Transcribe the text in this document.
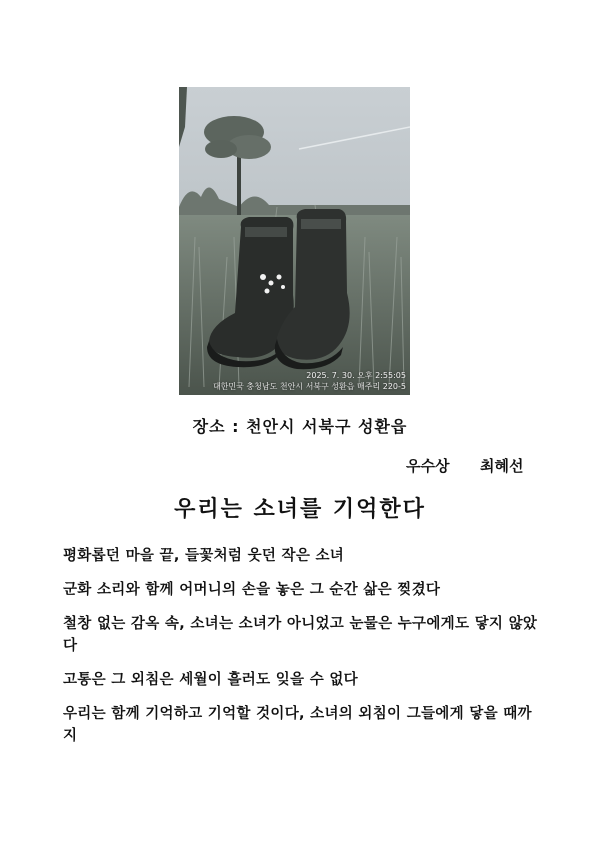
2025. 7. 30. 오후 2:55:05
대한민국 충청남도 천안시 서북구 성환읍 매주리 220-5
장소 : 천안시 서북구 성환읍
우수상 최혜선
우리는 소녀를 기억한다

평화롭던 마을 끝, 들꽃처럼 웃던 작은 소녀

군화 소리와 함께 어머니의 손을 놓은 그 순간 삶은 찢겼다

철창 없는 감옥 속, 소녀는 소녀가 아니었고 눈물은 누구에게도 닿지 않았다

고통은 그 외침은 세월이 흘러도 잊을 수 없다

우리는 함께 기억하고 기억할 것이다, 소녀의 외침이 그들에게 닿을 때까지
